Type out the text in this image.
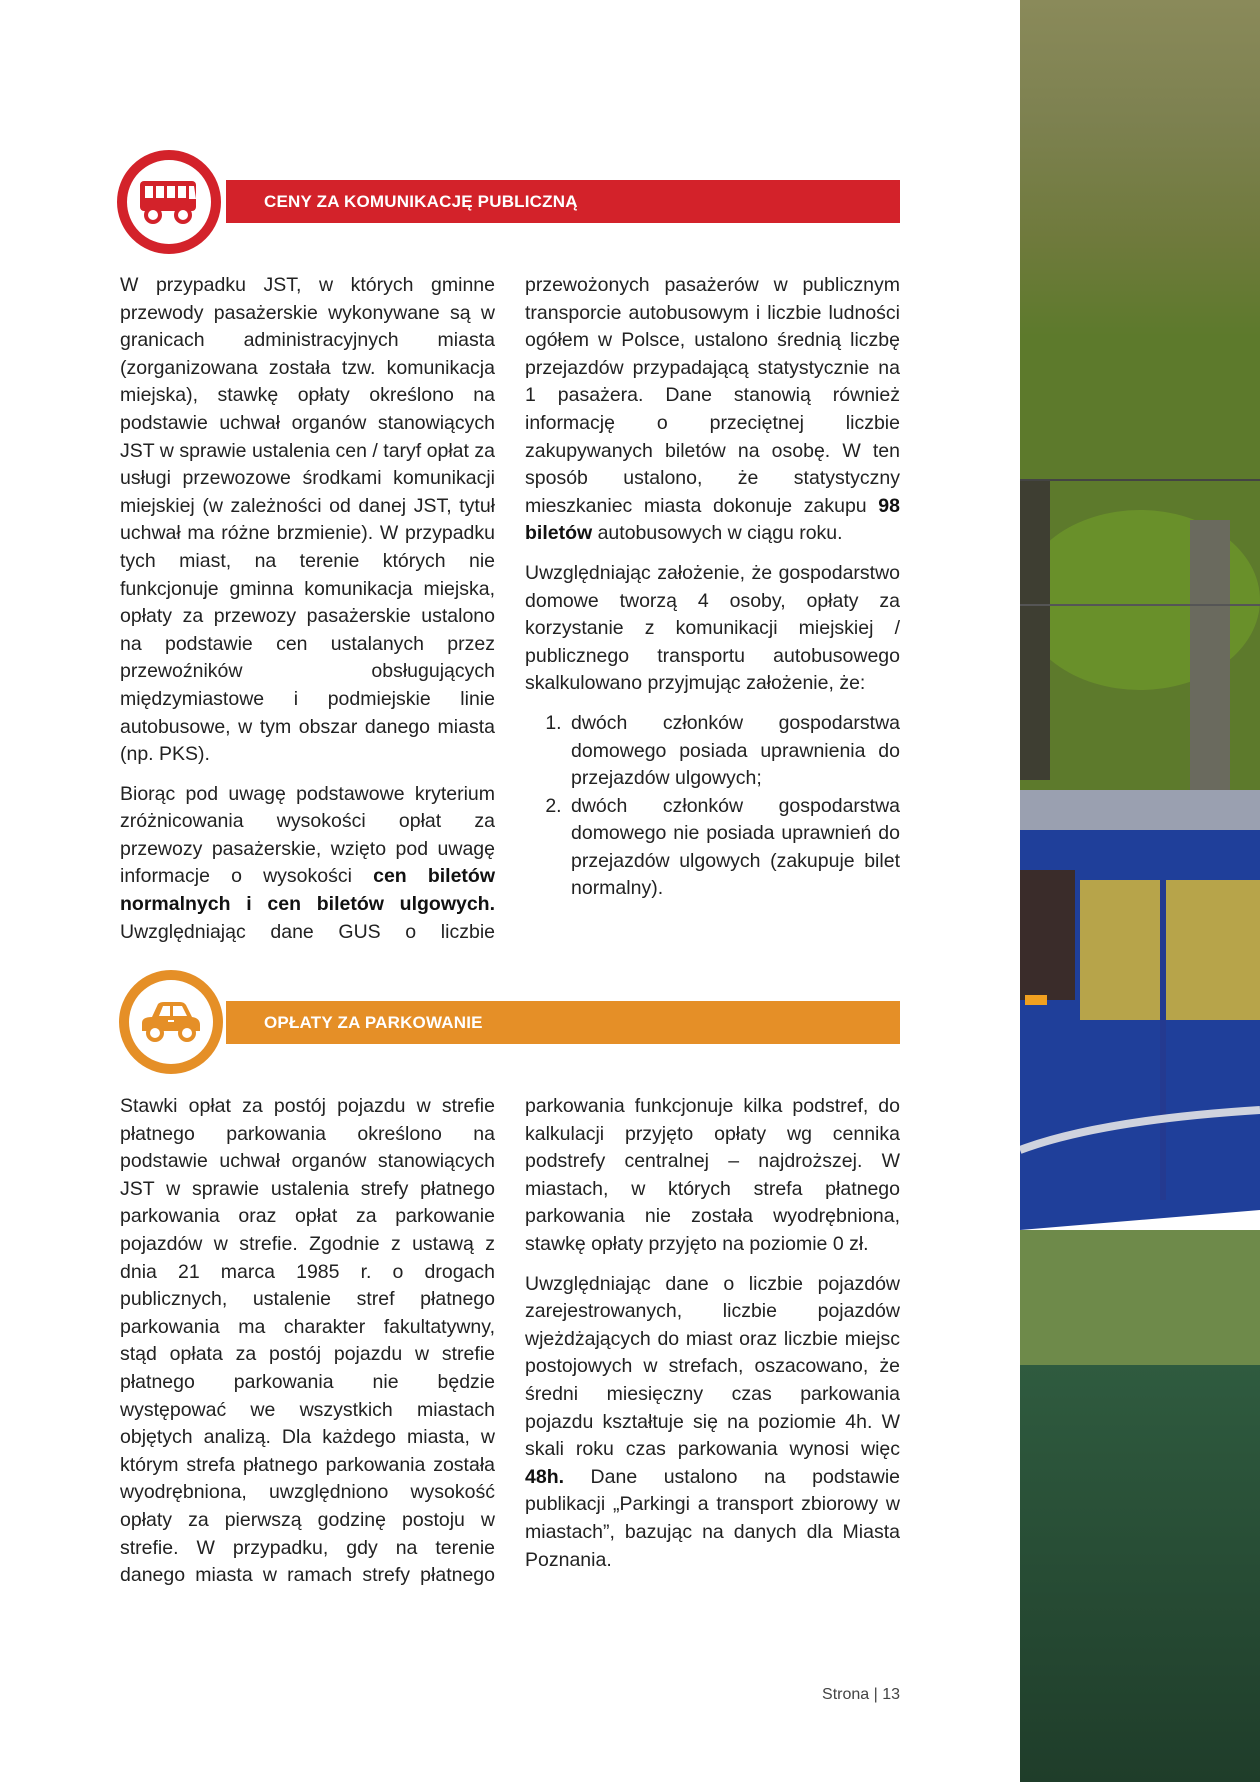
CENY ZA KOMUNIKACJĘ PUBLICZNĄ

W przypadku JST, w których gminne przewody pasażerskie wykonywane są w granicach administracyjnych miasta (zorganizowana została tzw. komunikacja miejska), stawkę opłaty określono na podstawie uchwał organów stanowiących JST w sprawie ustalenia cen / taryf opłat za usługi przewozowe środkami komunikacji miejskiej (w zależności od danej JST, tytuł uchwał ma różne brzmienie). W przypadku tych miast, na terenie których nie funkcjonuje gminna komunikacja miejska, opłaty za przewozy pasażerskie ustalono na podstawie cen ustalanych przez przewoźników obsługujących międzymiastowe i podmiejskie linie autobusowe, w tym obszar danego miasta (np. PKS).

Biorąc pod uwagę podstawowe kryterium zróżnicowania wysokości opłat za przewozy pasażerskie, wzięto pod uwagę informacje o wysokości cen biletów normalnych i cen biletów ulgowych. Uwzględniając dane GUS o liczbie przewożonych pasażerów w publicznym transporcie autobusowym i liczbie ludności ogółem w Polsce, ustalono średnią liczbę przejazdów przypadającą statystycznie na 1 pasażera. Dane stanowią również informację o przeciętnej liczbie zakupywanych biletów na osobę. W ten sposób ustalono, że statystyczny mieszkaniec miasta dokonuje zakupu 98 biletów autobusowych w ciągu roku.

Uwzględniając założenie, że gospodarstwo domowe tworzą 4 osoby, opłaty za korzystanie z komunikacji miejskiej / publicznego transportu autobusowego skalkulowano przyjmując założenie, że:

1. dwóch członków gospodarstwa domowego posiada uprawnienia do przejazdów ulgowych;
2. dwóch członków gospodarstwa domowego nie posiada uprawnień do przejazdów ulgowych (zakupuje bilet normalny).
OPŁATY ZA PARKOWANIE

Stawki opłat za postój pojazdu w strefie płatnego parkowania określono na podstawie uchwał organów stanowiących JST w sprawie ustalenia strefy płatnego parkowania oraz opłat za parkowanie pojazdów w strefie. Zgodnie z ustawą z dnia 21 marca 1985 r. o drogach publicznych, ustalenie stref płatnego parkowania ma charakter fakultatywny, stąd opłata za postój pojazdu w strefie płatnego parkowania nie będzie występować we wszystkich miastach objętych analizą. Dla każdego miasta, w którym strefa płatnego parkowania została wyodrębniona, uwzględniono wysokość opłaty za pierwszą godzinę postoju w strefie. W przypadku, gdy na terenie danego miasta w ramach strefy płatnego parkowania funkcjonuje kilka podstref, do kalkulacji przyjęto opłaty wg cennika podstrefy centralnej – najdroższej. W miastach, w których strefa płatnego parkowania nie została wyodrębniona, stawkę opłaty przyjęto na poziomie 0 zł.

Uwzględniając dane o liczbie pojazdów zarejestrowanych, liczbie pojazdów wjeżdżających do miast oraz liczbie miejsc postojowych w strefach, oszacowano, że średni miesięczny czas parkowania pojazdu kształtuje się na poziomie 4h. W skali roku czas parkowania wynosi więc 48h. Dane ustalono na podstawie publikacji „Parkingi a transport zbiorowy w miastach”, bazując na danych dla Miasta Poznania.

Strona | 13
